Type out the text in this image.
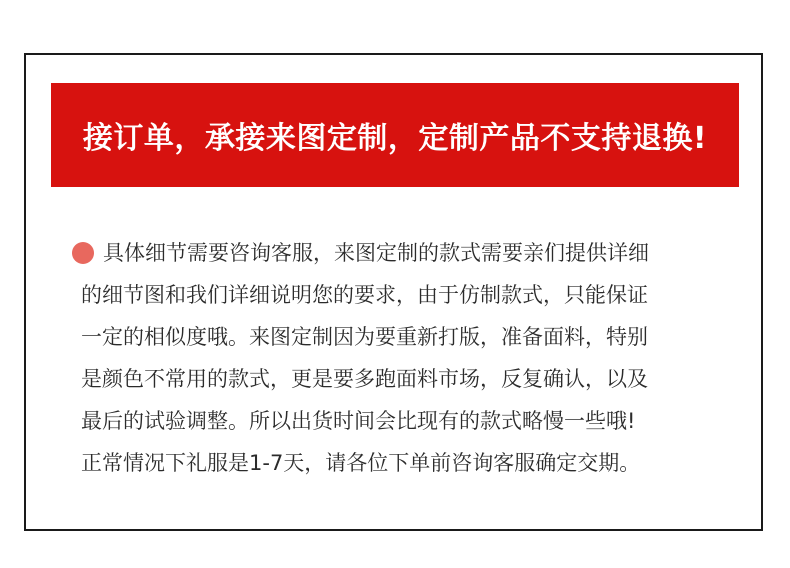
接订单，承接来图定制，定制产品不支持退换!
具体细节需要咨询客服，来图定制的款式需要亲们提供详细
的细节图和我们详细说明您的要求，由于仿制款式，只能保证
一定的相似度哦。来图定制因为要重新打版，准备面料，特别
是颜色不常用的款式，更是要多跑面料市场，反复确认，以及
最后的试验调整。所以出货时间会比现有的款式略慢一些哦!
正常情况下礼服是1-7天，请各位下单前咨询客服确定交期。
